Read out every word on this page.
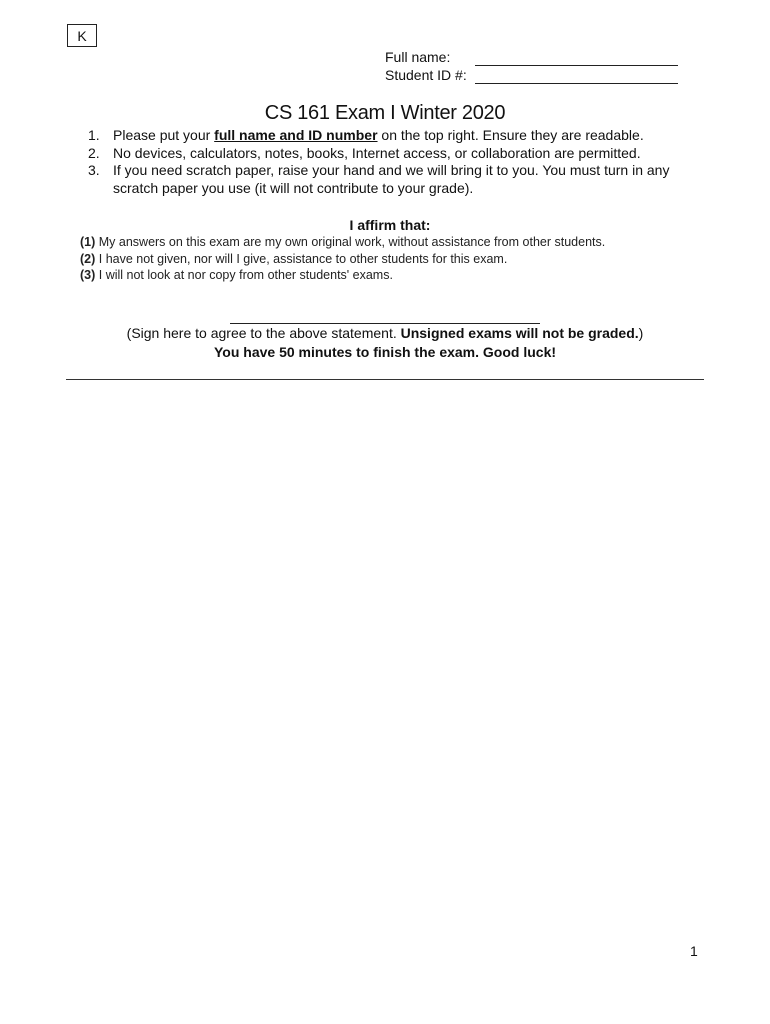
K
Full name:
Student ID #:
CS 161 Exam I Winter 2020
1. Please put your full name and ID number on the top right. Ensure they are readable.
2. No devices, calculators, notes, books, Internet access, or collaboration are permitted.
3. If you need scratch paper, raise your hand and we will bring it to you. You must turn in any scratch paper you use (it will not contribute to your grade).
I affirm that:
(1) My answers on this exam are my own original work, without assistance from other students.
(2) I have not given, nor will I give, assistance to other students for this exam.
(3) I will not look at nor copy from other students' exams.
(Sign here to agree to the above statement. Unsigned exams will not be graded.)
You have 50 minutes to finish the exam. Good luck!
1
